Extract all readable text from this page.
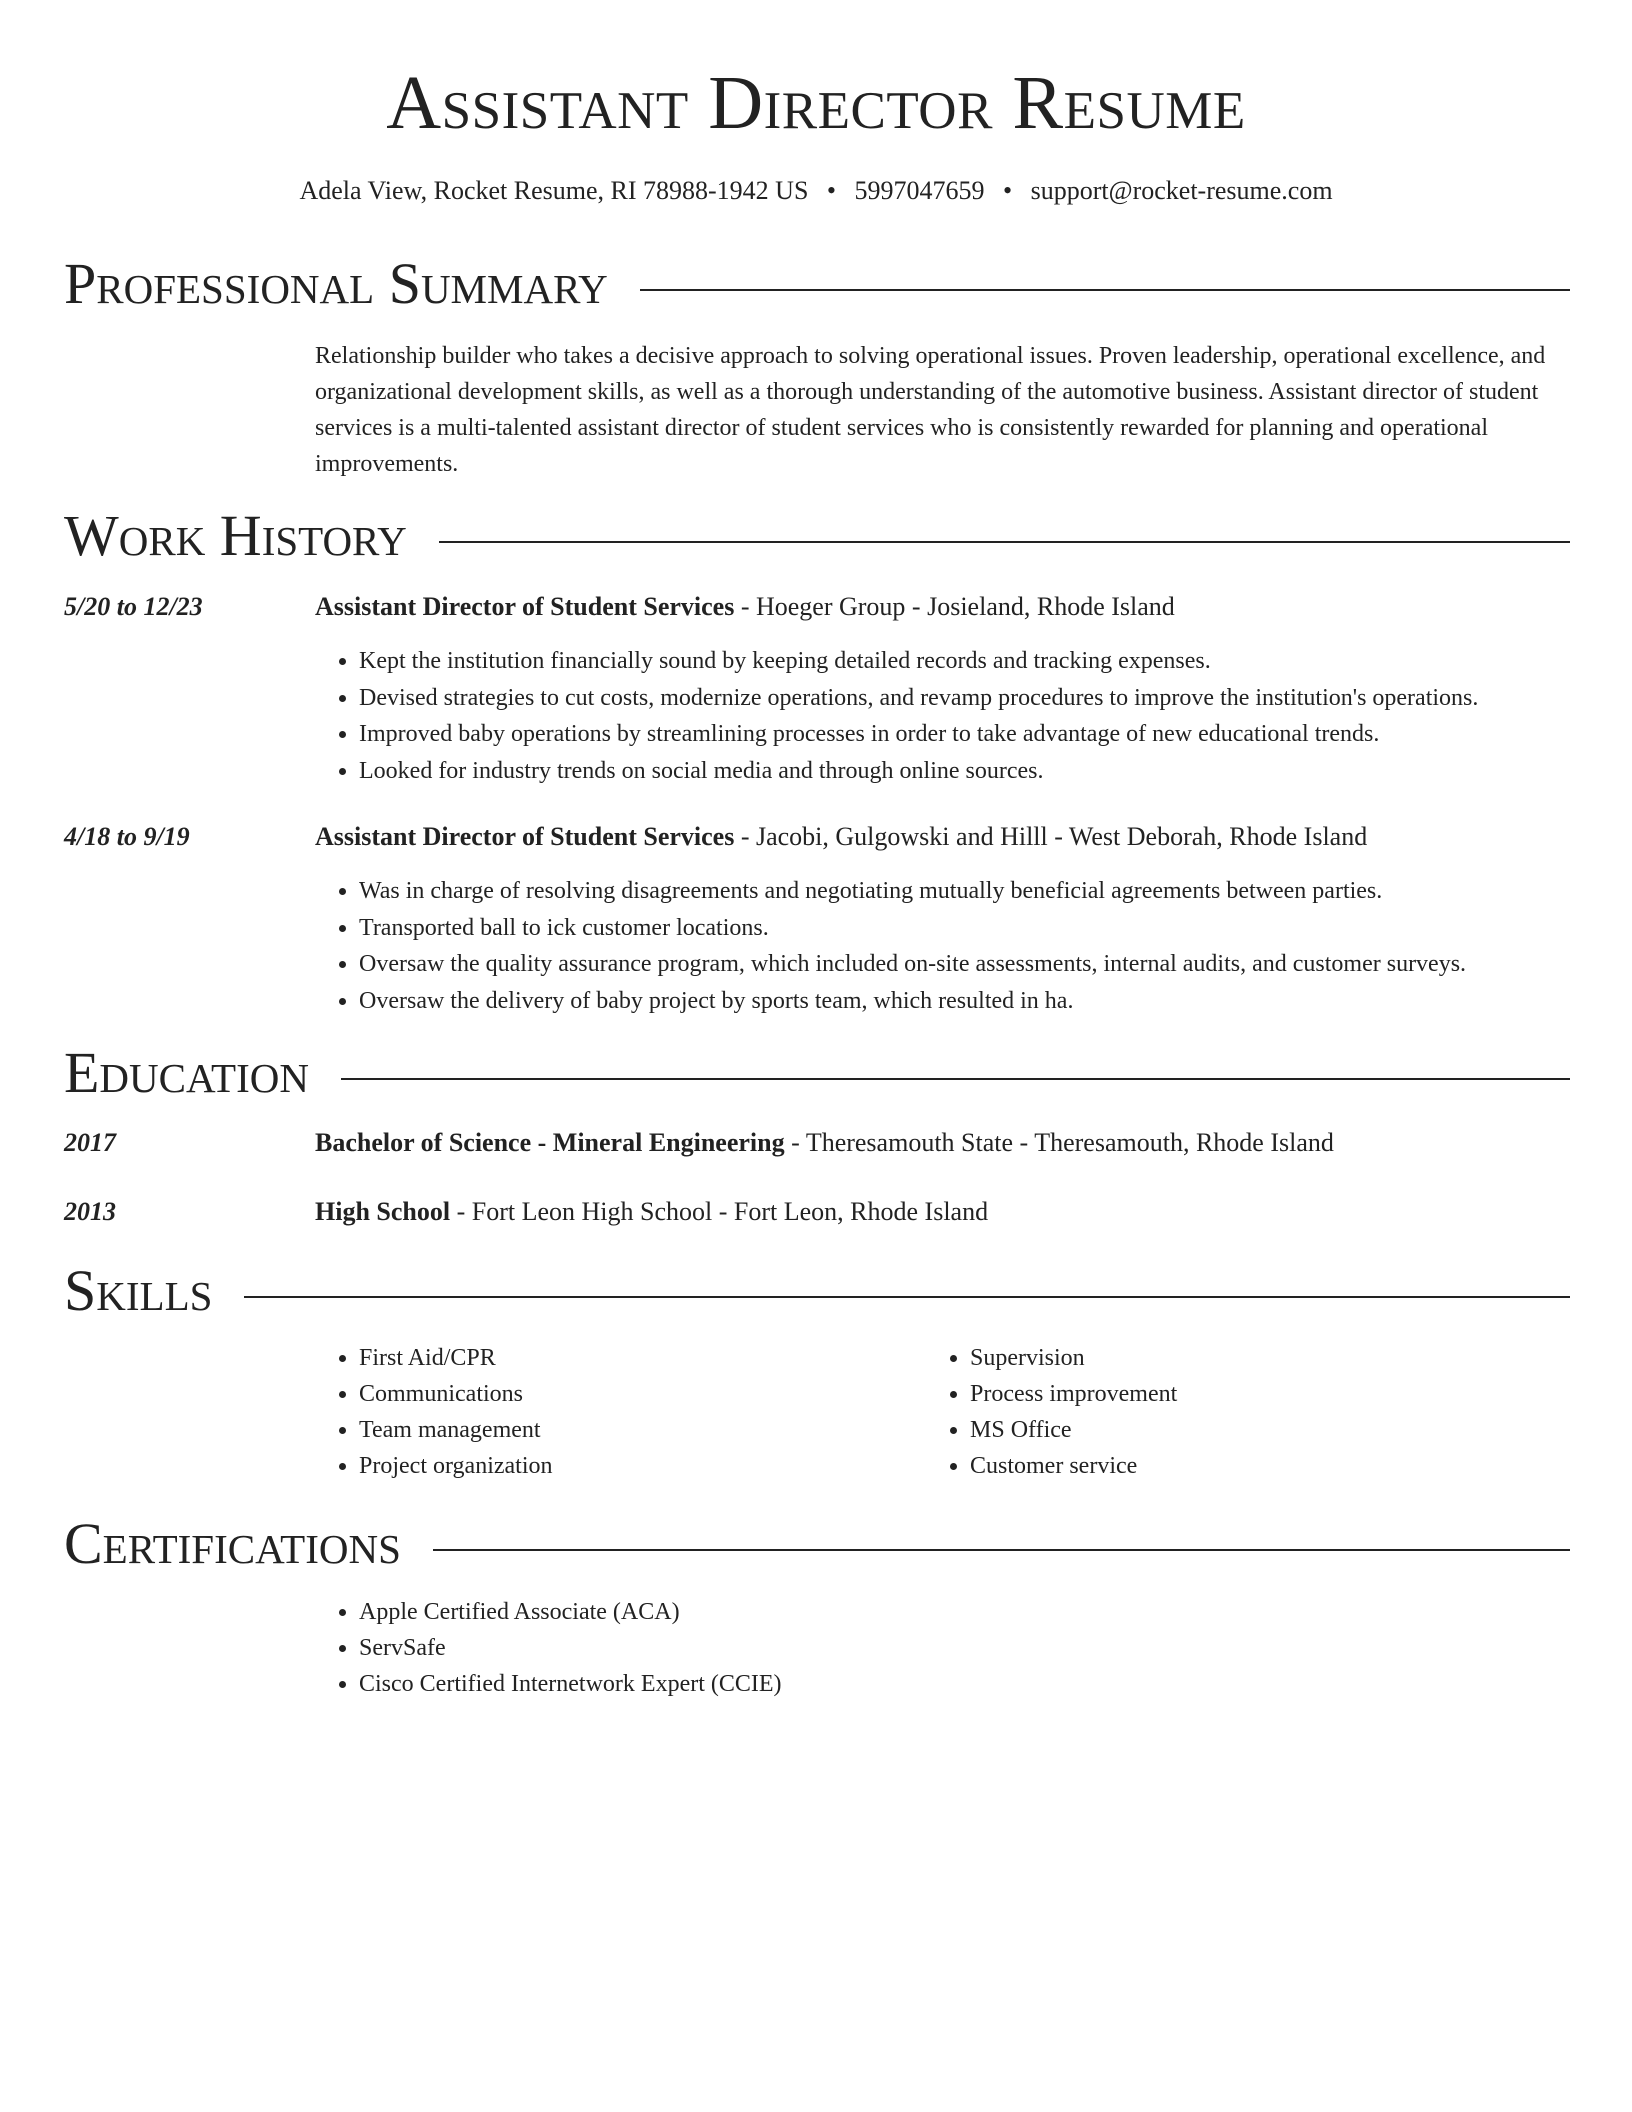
Assistant Director Resume
Adela View, Rocket Resume, RI 78988-1942 US • 5997047659 • support@rocket-resume.com
Professional Summary
Relationship builder who takes a decisive approach to solving operational issues. Proven leadership, operational excellence, and organizational development skills, as well as a thorough understanding of the automotive business. Assistant director of student services is a multi-talented assistant director of student services who is consistently rewarded for planning and operational improvements.
Work History
5/20 to 12/23	Assistant Director of Student Services - Hoeger Group - Josieland, Rhode Island
• Kept the institution financially sound by keeping detailed records and tracking expenses.
• Devised strategies to cut costs, modernize operations, and revamp procedures to improve the institution's operations.
• Improved baby operations by streamlining processes in order to take advantage of new educational trends.
• Looked for industry trends on social media and through online sources.
4/18 to 9/19	Assistant Director of Student Services - Jacobi, Gulgowski and Hilll - West Deborah, Rhode Island
• Was in charge of resolving disagreements and negotiating mutually beneficial agreements between parties.
• Transported ball to ick customer locations.
• Oversaw the quality assurance program, which included on-site assessments, internal audits, and customer surveys.
• Oversaw the delivery of baby project by sports team, which resulted in ha.
Education
2017	Bachelor of Science - Mineral Engineering - Theresamouth State - Theresamouth, Rhode Island
2013	High School - Fort Leon High School - Fort Leon, Rhode Island
Skills
• First Aid/CPR
• Communications
• Team management
• Project organization
• Supervision
• Process improvement
• MS Office
• Customer service
Certifications
• Apple Certified Associate (ACA)
• ServSafe
• Cisco Certified Internetwork Expert (CCIE)
